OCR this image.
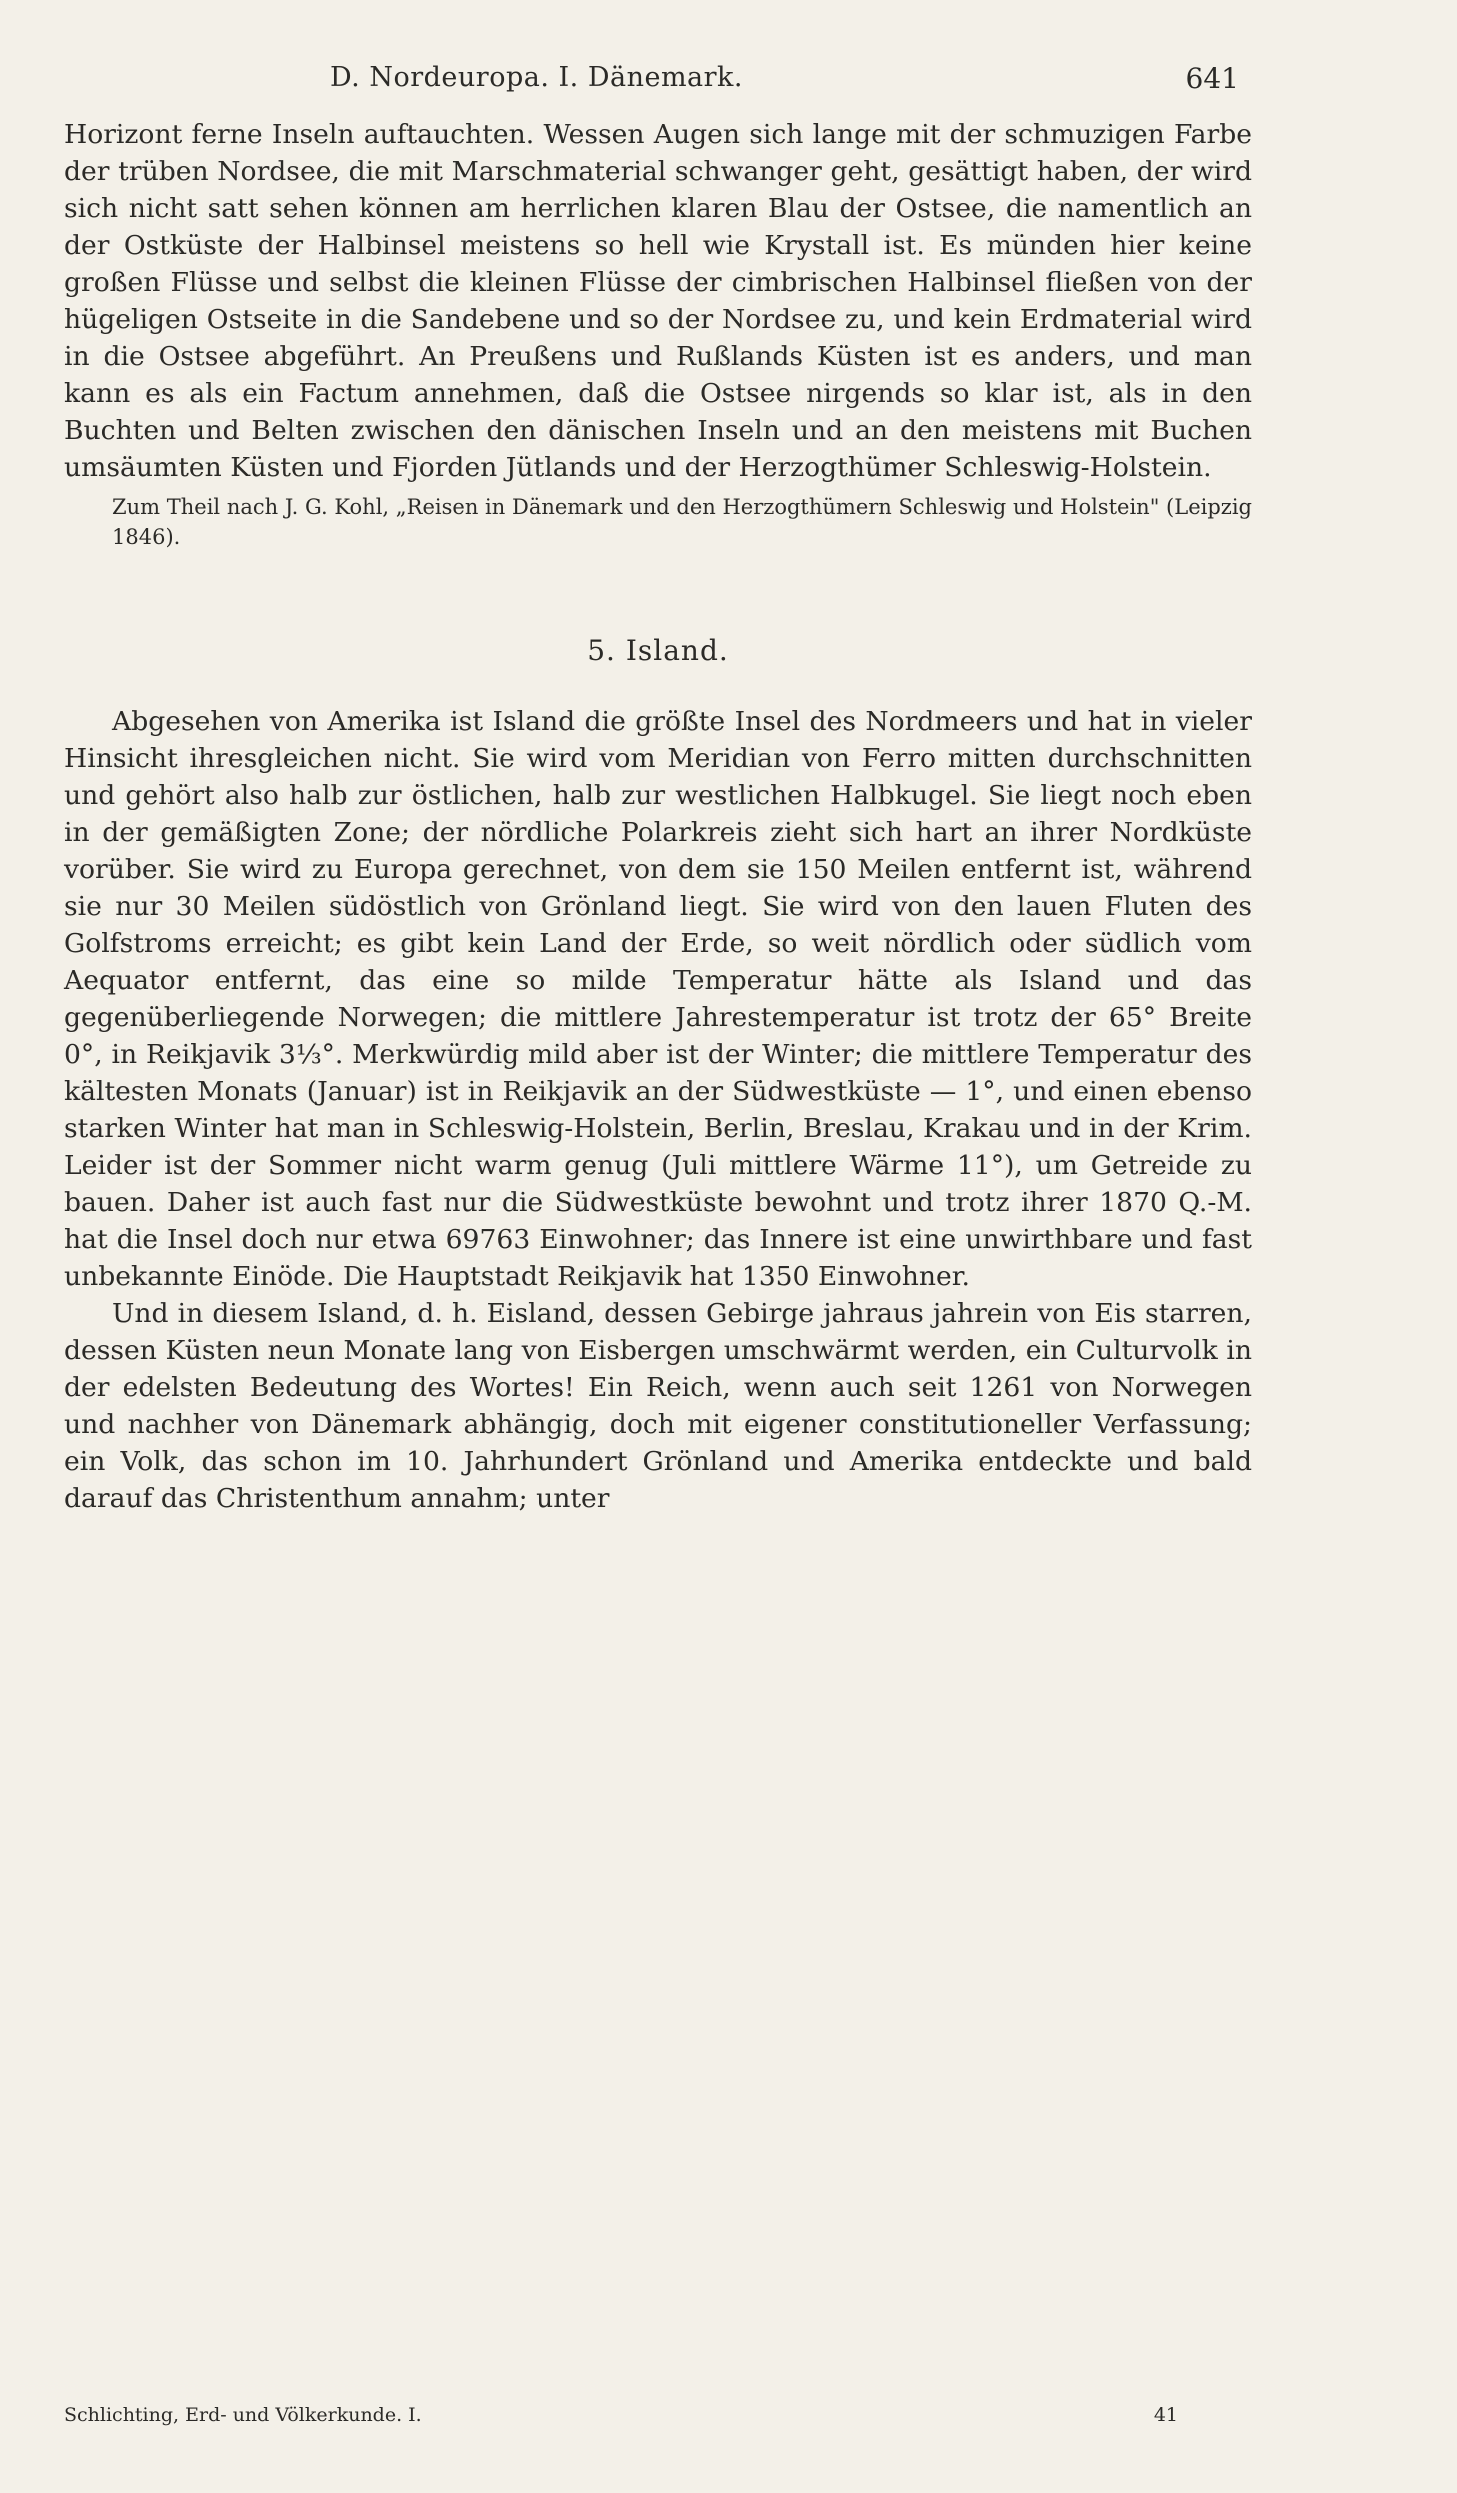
D. Nordeuropa. I. Dänemark.	641

Horizont ferne Inseln auftauchten. Wessen Augen sich lange mit der schmuzigen Farbe der trüben Nordsee, die mit Marschmaterial schwanger geht, gesättigt haben, der wird sich nicht satt sehen können am herrlichen klaren Blau der Ostsee, die namentlich an der Ostküste der Halbinsel meistens so hell wie Krystall ist. Es münden hier keine großen Flüsse und selbst die kleinen Flüsse der cimbrischen Halbinsel fließen von der hügeligen Ostseite in die Sandebene und so der Nordsee zu, und kein Erdmaterial wird in die Ostsee abgeführt. An Preußens und Rußlands Küsten ist es anders, und man kann es als ein Factum annehmen, daß die Ostsee nirgends so klar ist, als in den Buchten und Belten zwischen den dänischen Inseln und an den meistens mit Buchen umsäumten Küsten und Fjorden Jütlands und der Herzogthümer Schleswig-Holstein.

Zum Theil nach J. G. Kohl, „Reisen in Dänemark und den Herzogthümern Schleswig und Holstein" (Leipzig 1846).
5. Island.

Abgesehen von Amerika ist Island die größte Insel des Nordmeers und hat in vieler Hinsicht ihresgleichen nicht. Sie wird vom Meridian von Ferro mitten durchschnitten und gehört also halb zur östlichen, halb zur westlichen Halbkugel. Sie liegt noch eben in der gemäßigten Zone; der nördliche Polarkreis zieht sich hart an ihrer Nordküste vorüber. Sie wird zu Europa gerechnet, von dem sie 150 Meilen entfernt ist, während sie nur 30 Meilen südöstlich von Grönland liegt. Sie wird von den lauen Fluten des Golfstroms erreicht; es gibt kein Land der Erde, so weit nördlich oder südlich vom Aequator entfernt, das eine so milde Temperatur hätte als Island und das gegenüberliegende Norwegen; die mittlere Jahrestemperatur ist trotz der 65° Breite 0°, in Reikjavik 3⅓°. Merkwürdig mild aber ist der Winter; die mittlere Temperatur des kältesten Monats (Januar) ist in Reikjavik an der Südwestküste — 1°, und einen ebenso starken Winter hat man in Schleswig-Holstein, Berlin, Breslau, Krakau und in der Krim. Leider ist der Sommer nicht warm genug (Juli mittlere Wärme 11°), um Getreide zu bauen. Daher ist auch fast nur die Südwestküste bewohnt und trotz ihrer 1870 Q.-M. hat die Insel doch nur etwa 69763 Einwohner; das Innere ist eine unwirthbare und fast unbekannte Einöde. Die Hauptstadt Reikjavik hat 1350 Einwohner.

Und in diesem Island, d. h. Eisland, dessen Gebirge jahraus jahrein von Eis starren, dessen Küsten neun Monate lang von Eisbergen umschwärmt werden, ein Culturvolk in der edelsten Bedeutung des Wortes! Ein Reich, wenn auch seit 1261 von Norwegen und nachher von Dänemark abhängig, doch mit eigener constitutioneller Verfassung; ein Volk, das schon im 10. Jahrhundert Grönland und Amerika entdeckte und bald darauf das Christenthum annahm; unter

Schlichting, Erd- und Völkerkunde. I.	41
